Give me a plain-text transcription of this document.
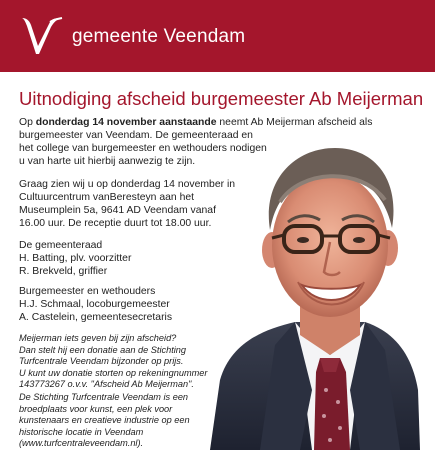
gemeente Veendam
Uitnodiging afscheid burgemeester Ab Meijerman

Op donderdag 14 november aanstaande neemt Ab Meijerman afscheid als

burgemeester van Veendam. De gemeenteraad en

het college van burgemeester en wethouders nodigen

u van harte uit hierbij aanwezig te zijn.

Graag zien wij u op donderdag 14 november in

Cultuurcentrum vanBeresteyn aan het

Museumplein 5a, 9641 AD Veendam vanaf

16.00 uur. De receptie duurt tot 18.00 uur.

De gemeenteraad

H. Batting, plv. voorzitter

R. Brekveld, griffier

Burgemeester en wethouders

H.J. Schmaal, locoburgemeester

A. Castelein, gemeentesecretaris

Meijerman iets geven bij zijn afscheid?

Dan stelt hij een donatie aan de Stichting

Turfcentrale Veendam bijzonder op prijs.

U kunt uw donatie storten op rekeningnummer

143773267 o.v.v. "Afscheid Ab Meijerman".

De Stichting Turfcentrale Veendam is een

broedplaats voor kunst, een plek voor

kunstenaars en creatieve industrie op een

historische locatie in Veendam

(www.turfcentraleveendam.nl).
